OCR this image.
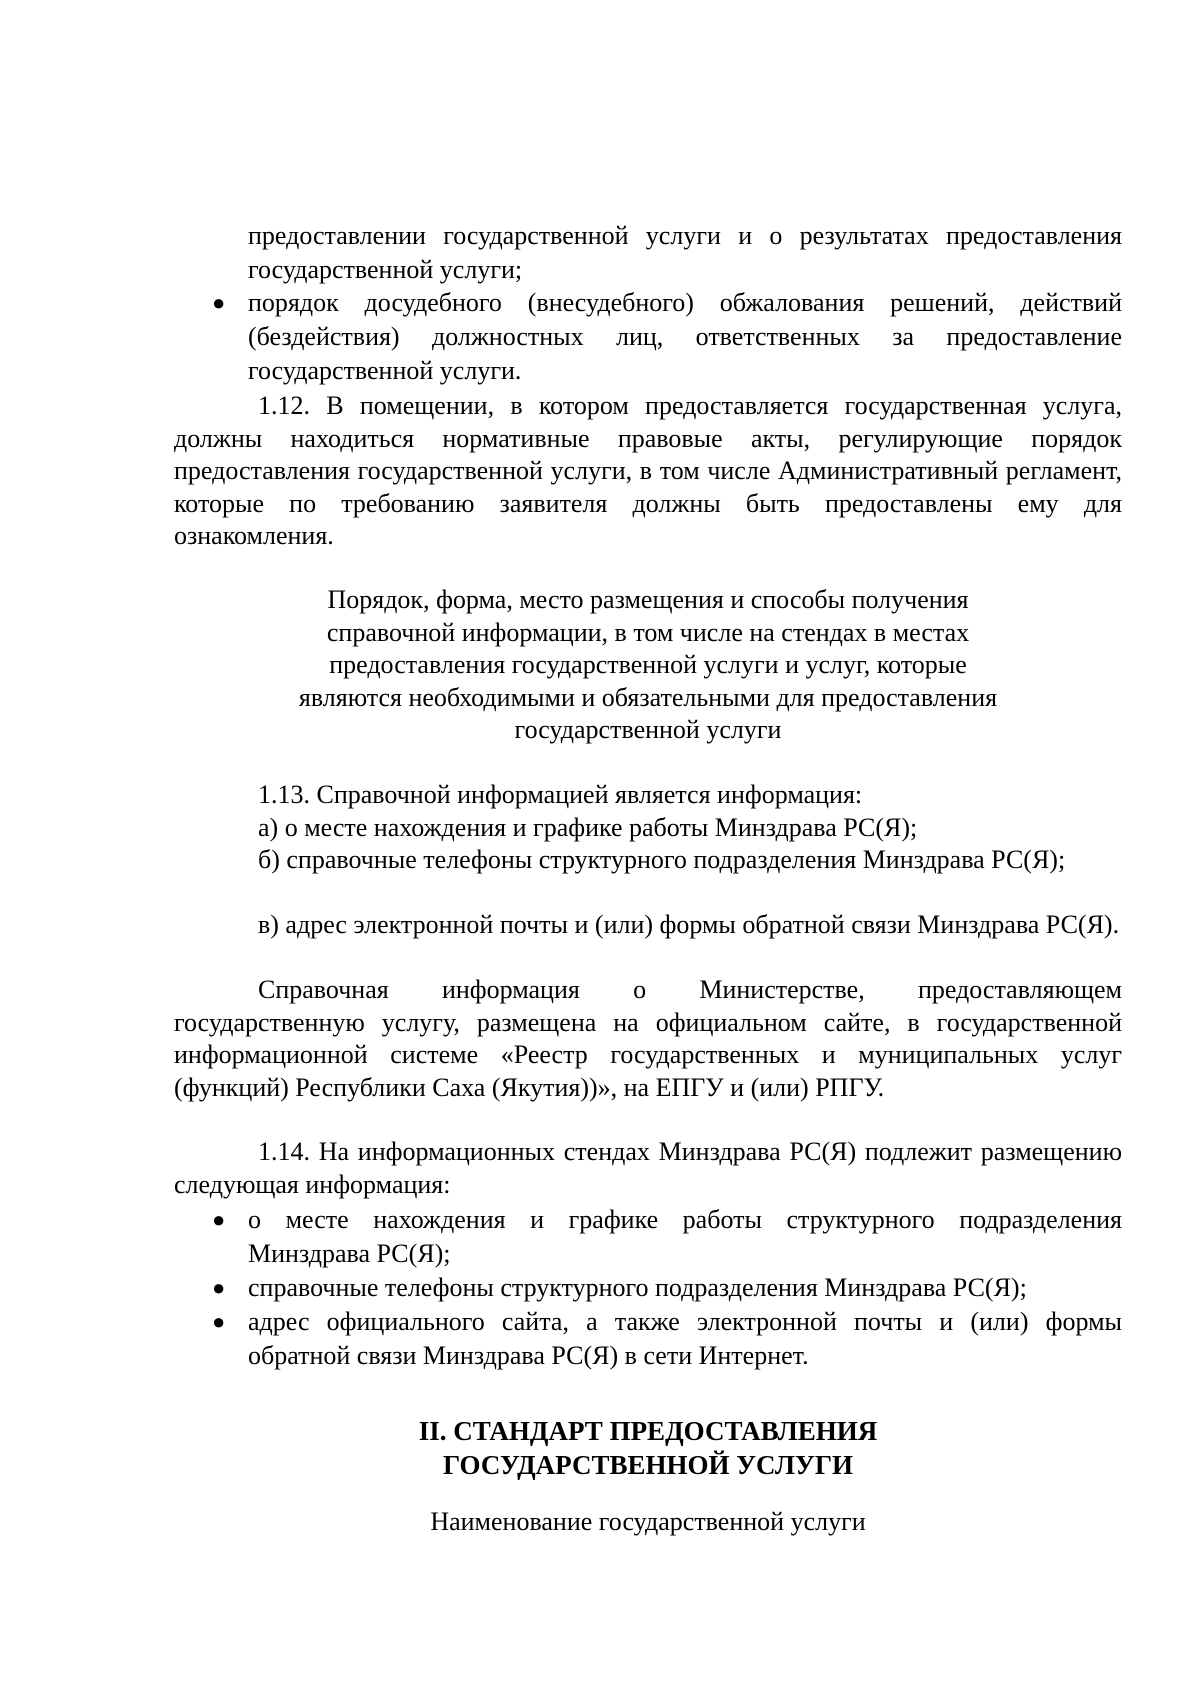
предоставлении государственной услуги и о результатах предоставления государственной услуги;

● порядок досудебного (внесудебного) обжалования решений, действий (бездействия) должностных лиц, ответственных за предоставление государственной услуги.

1.12. В помещении, в котором предоставляется государственная услуга, должны находиться нормативные правовые акты, регулирующие порядок предоставления государственной услуги, в том числе Административный регламент, которые по требованию заявителя должны быть предоставлены ему для ознакомления.

Порядок, форма, место размещения и способы получения
справочной информации, в том числе на стендах в местах
предоставления государственной услуги и услуг, которые
являются необходимыми и обязательными для предоставления
государственной услуги

1.13. Справочной информацией является информация:

а) о месте нахождения и графике работы Минздрава РС(Я);

б) справочные телефоны структурного подразделения Минздрава РС(Я);

в) адрес электронной почты и (или) формы обратной связи Минздрава РС(Я).

Справочная информация о Министерстве, предоставляющем государственную услугу, размещена на официальном сайте, в государственной информационной системе «Реестр государственных и муниципальных услуг (функций) Республики Саха (Якутия))», на ЕПГУ и (или) РПГУ.

1.14. На информационных стендах Минздрава РС(Я) подлежит размещению следующая информация:

● о месте нахождения и графике работы структурного подразделения Минздрава РС(Я);
● справочные телефоны структурного подразделения Минздрава РС(Я);
● адрес официального сайта, а также электронной почты и (или) формы обратной связи Минздрава РС(Я) в сети Интернет.
II. СТАНДАРТ ПРЕДОСТАВЛЕНИЯ
ГОСУДАРСТВЕННОЙ УСЛУГИ

Наименование государственной услуги
